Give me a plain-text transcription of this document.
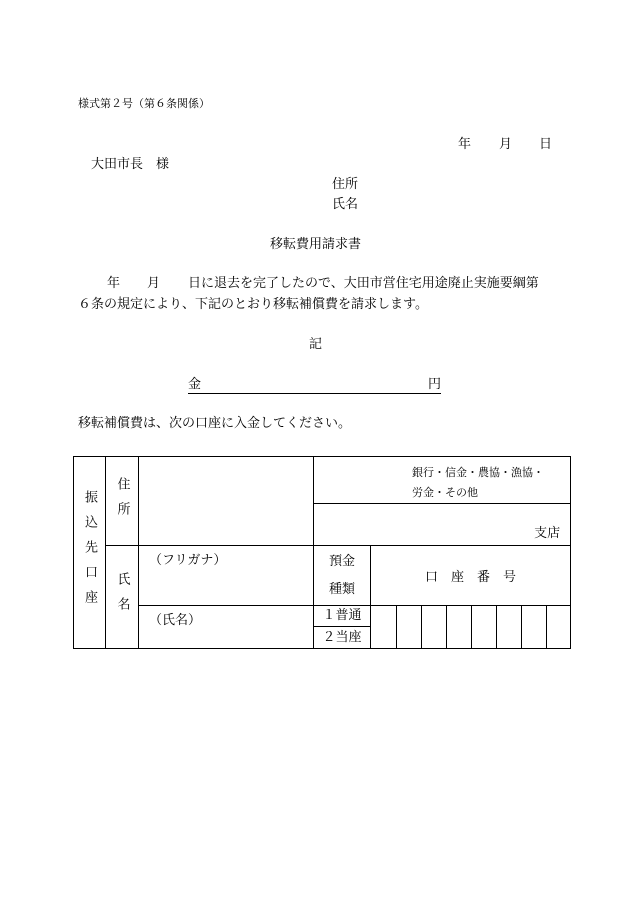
様式第２号（第６条関係）
年 月 日
大田市長　様
住所
氏名
移転費用請求書
年 月 日に退去を完了したので、大田市営住宅用途廃止実施要綱第
６条の規定により、下記のとおり移転補償費を請求します。
記
金	円
移転補償費は、次の口座に入金してください。
振込先口座	住所		銀行・信金・農協・漁協・
労金・その他								

			支店								

	氏名	（フリガナ）	預金
種類	口　座　番　号							

		（氏名）	１普通
２当座								
